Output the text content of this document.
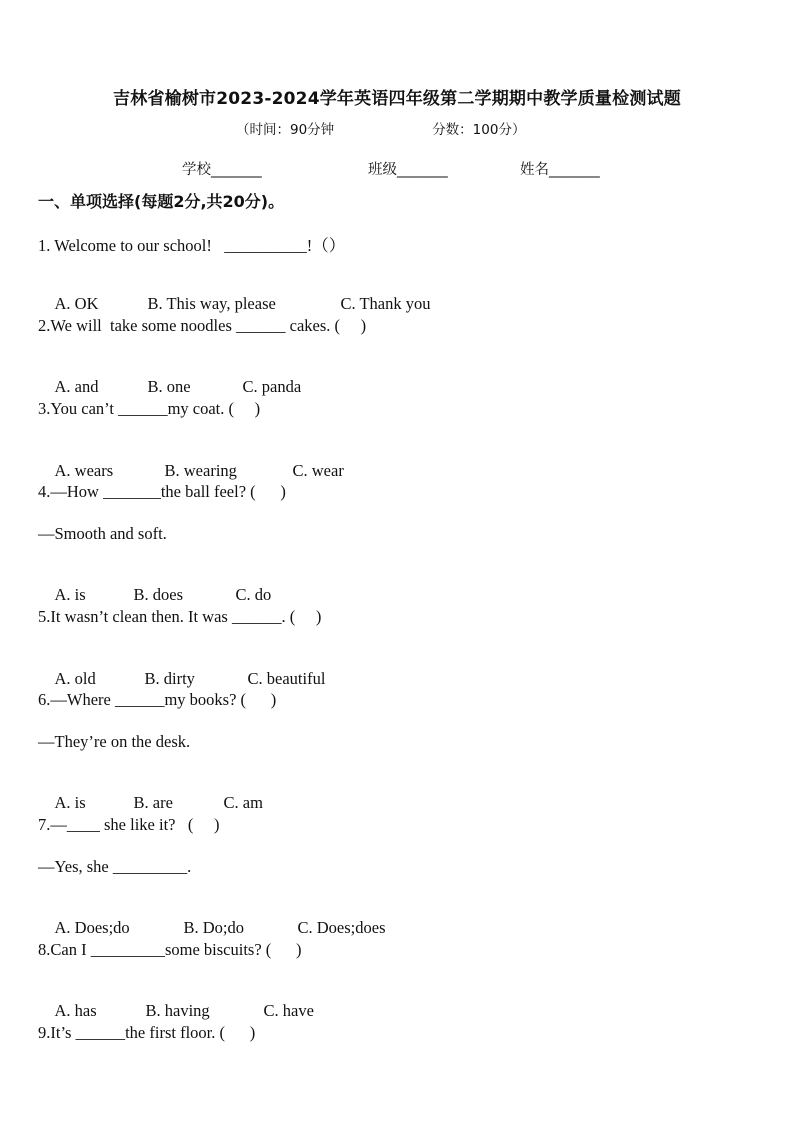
吉林省榆树市2023-2024学年英语四年级第二学期期中教学质量检测试题
（时间：90分钟	分数：100分）
学校_______	班级_______	姓名_______
一、单项选择(每题2分,共20分)。
1. Welcome to our school!   __________!（）

A. OK	B. This way, please	C. Thank you

2.We will  take some noodles ______ cakes. (     )

A. and	B. one	C. panda

3.You can’t ______my coat. (     )

A. wears	B. wearing	C. wear

4.—How _______the ball feel? (      )
—Smooth and soft.

A. is	B. does	C. do

5.It wasn’t clean then. It was ______. (     )

A. old	B. dirty	C. beautiful

6.—Where ______my books? (      )
—They’re on the desk.

A. is	B. are	C. am

7.—____ she like it?   (     )
—Yes, she _________.

A. Does;do	B. Do;do	C. Does;does

8.Can I _________some biscuits? (      )

A. has	B. having	C. have

9.It’s ______the first floor. (      )
